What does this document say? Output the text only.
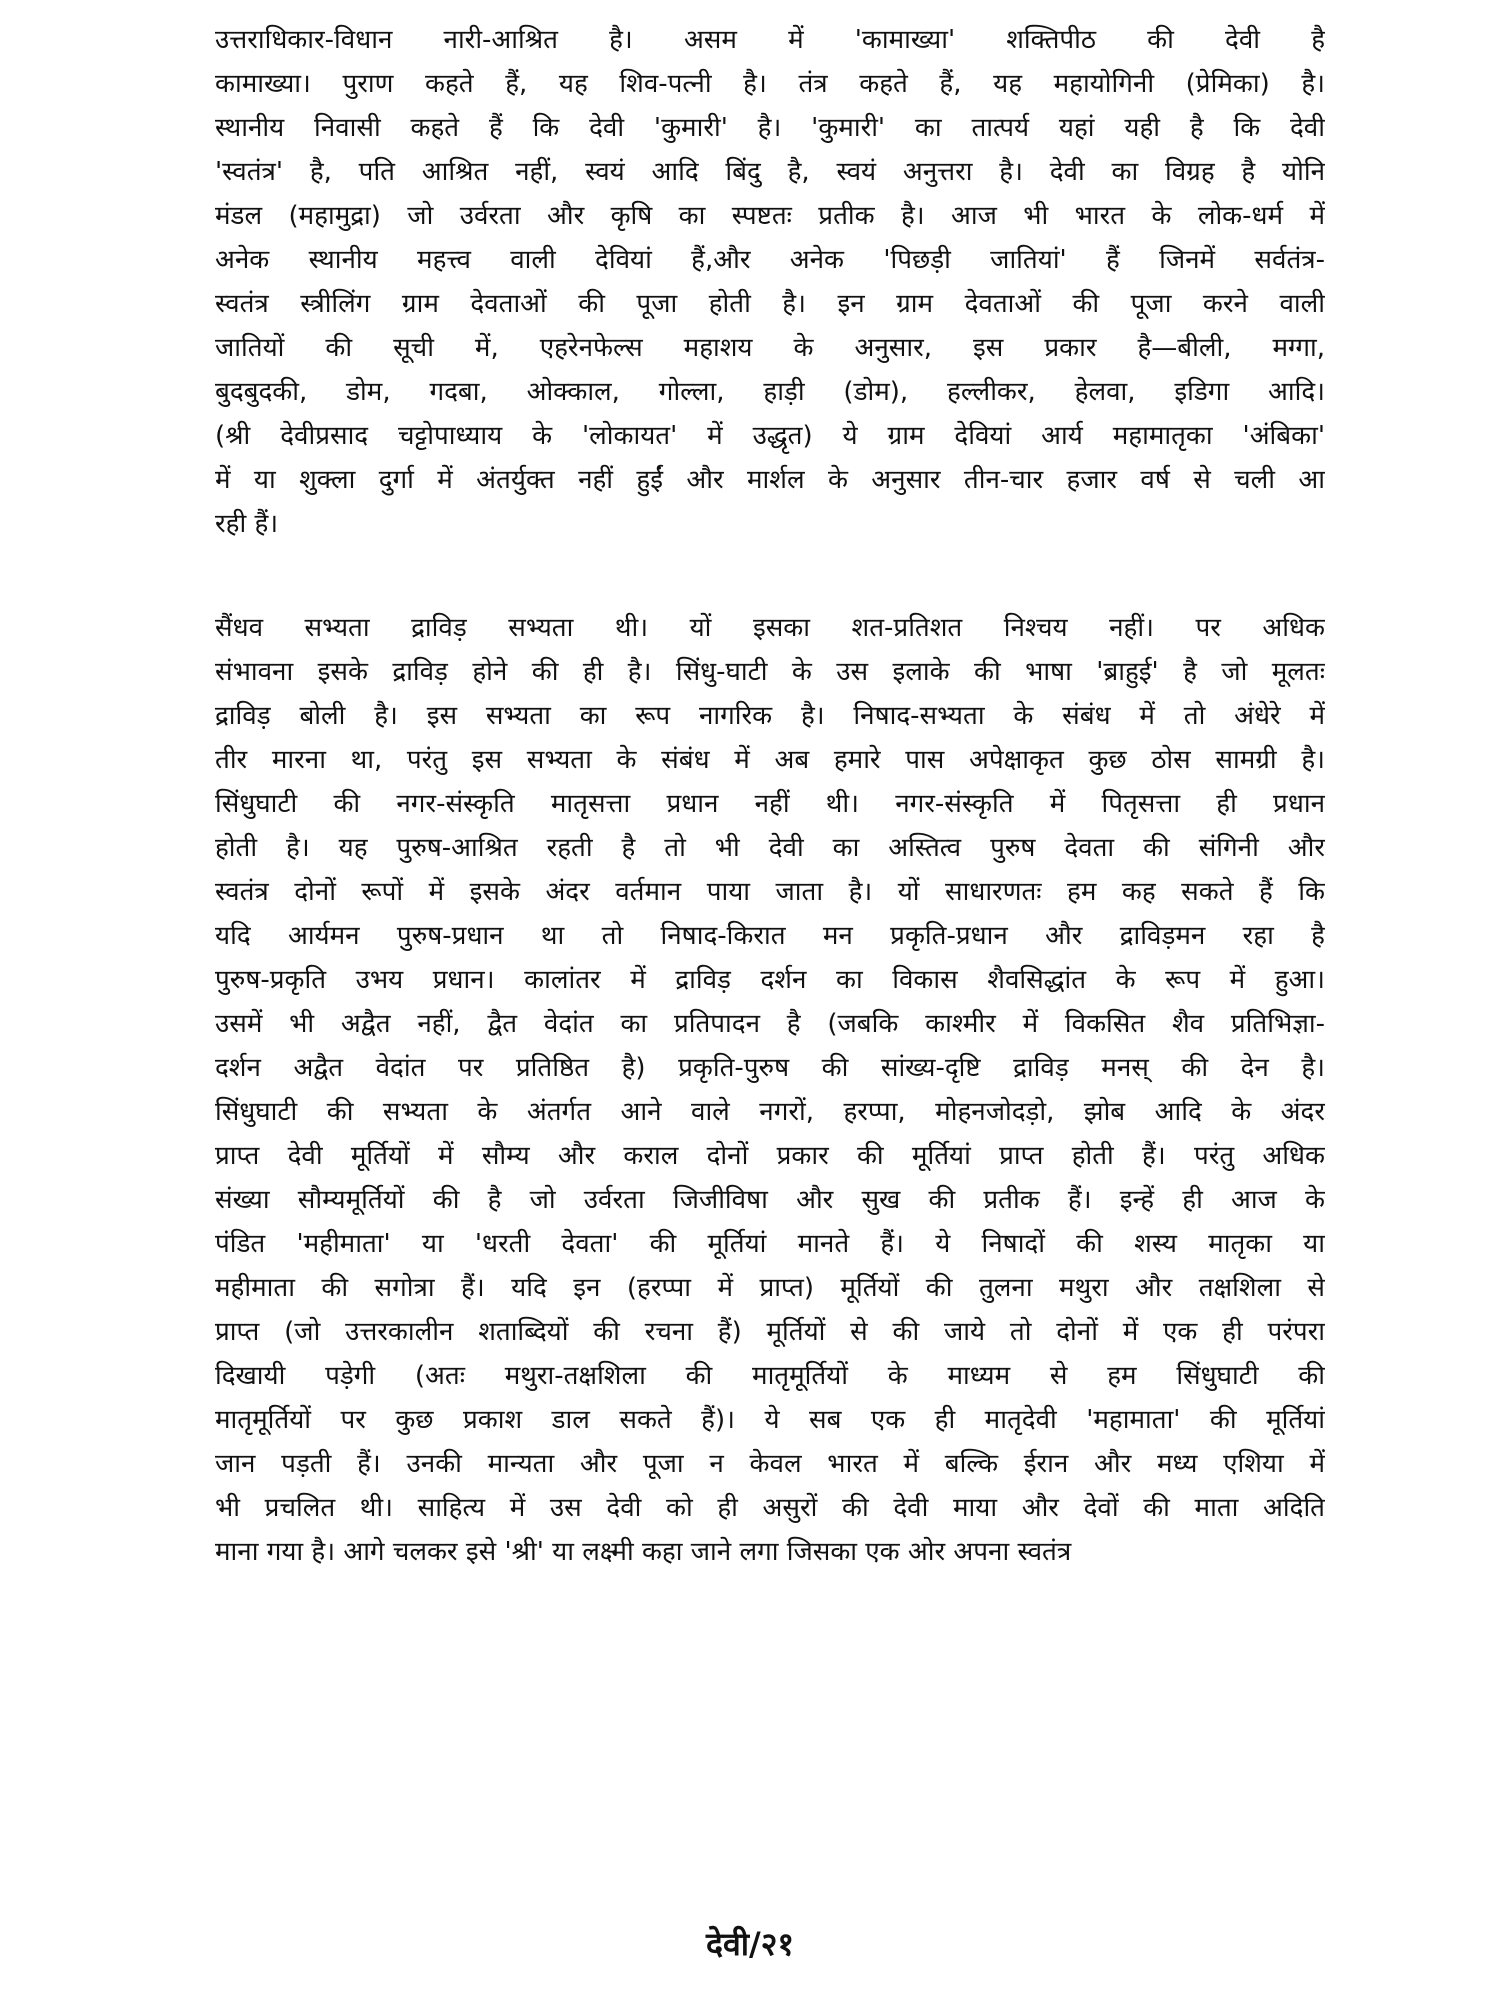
उत्तराधिकार-विधान नारी-आश्रित है। असम में 'कामाख्या' शक्तिपीठ की देवी है
कामाख्या। पुराण कहते हैं, यह शिव-पत्नी है। तंत्र कहते हैं, यह महायोगिनी (प्रेमिका) है।
स्थानीय निवासी कहते हैं कि देवी 'कुमारी' है। 'कुमारी' का तात्पर्य यहां यही है कि देवी
'स्वतंत्र' है, पति आश्रित नहीं, स्वयं आदि बिंदु है, स्वयं अनुत्तरा है। देवी का विग्रह है योनि
मंडल (महामुद्रा) जो उर्वरता और कृषि का स्पष्टतः प्रतीक है। आज भी भारत के लोक-धर्म में
अनेक स्थानीय महत्त्व वाली देवियां हैं,और अनेक 'पिछड़ी जातियां' हैं जिनमें सर्वतंत्र-
स्वतंत्र स्त्रीलिंग ग्राम देवताओं की पूजा होती है। इन ग्राम देवताओं की पूजा करने वाली
जातियों की सूची में, एहरेनफेल्स महाशय के अनुसार, इस प्रकार है—बीली, मग्गा,
बुदबुदकी, डोम, गदबा, ओक्काल, गोल्ला, हाड़ी (डोम), हल्लीकर, हेलवा, इडिगा आदि।
(श्री देवीप्रसाद चट्टोपाध्याय के 'लोकायत' में उद्धृत) ये ग्राम देवियां आर्य महामातृका 'अंबिका'
में या शुक्ला दुर्गा में अंतर्युक्त नहीं हुईं और मार्शल के अनुसार तीन-चार हजार वर्ष से चली आ
रही हैं।
सैंधव सभ्यता द्राविड़ सभ्यता थी। यों इसका शत-प्रतिशत निश्चय नहीं। पर अधिक
संभावना इसके द्राविड़ होने की ही है। सिंधु-घाटी के उस इलाके की भाषा 'ब्राहुई' है जो मूलतः
द्राविड़ बोली है। इस सभ्यता का रूप नागरिक है। निषाद-सभ्यता के संबंध में तो अंधेरे में
तीर मारना था, परंतु इस सभ्यता के संबंध में अब हमारे पास अपेक्षाकृत कुछ ठोस सामग्री है।
सिंधुघाटी की नगर-संस्कृति मातृसत्ता प्रधान नहीं थी। नगर-संस्कृति में पितृसत्ता ही प्रधान
होती है। यह पुरुष-आश्रित रहती है तो भी देवी का अस्तित्व पुरुष देवता की संगिनी और
स्वतंत्र दोनों रूपों में इसके अंदर वर्तमान पाया जाता है। यों साधारणतः हम कह सकते हैं कि
यदि आर्यमन पुरुष-प्रधान था तो निषाद-किरात मन प्रकृति-प्रधान और द्राविड़मन रहा है
पुरुष-प्रकृति उभय प्रधान। कालांतर में द्राविड़ दर्शन का विकास शैवसिद्धांत के रूप में हुआ।
उसमें भी अद्वैत नहीं, द्वैत वेदांत का प्रतिपादन है (जबकि काश्मीर में विकसित शैव प्रतिभिज्ञा-
दर्शन अद्वैत वेदांत पर प्रतिष्ठित है) प्रकृति-पुरुष की सांख्य-दृष्टि द्राविड़ मनस् की देन है।
सिंधुघाटी की सभ्यता के अंतर्गत आने वाले नगरों, हरप्पा, मोहनजोदड़ो, झोब आदि के अंदर
प्राप्त देवी मूर्तियों में सौम्य और कराल दोनों प्रकार की मूर्तियां प्राप्त होती हैं। परंतु अधिक
संख्या सौम्यमूर्तियों की है जो उर्वरता जिजीविषा और सुख की प्रतीक हैं। इन्हें ही आज के
पंडित 'महीमाता' या 'धरती देवता' की मूर्तियां मानते हैं। ये निषादों की शस्य मातृका या
महीमाता की सगोत्रा हैं। यदि इन (हरप्पा में प्राप्त) मूर्तियों की तुलना मथुरा और तक्षशिला से
प्राप्त (जो उत्तरकालीन शताब्दियों की रचना हैं) मूर्तियों से की जाये तो दोनों में एक ही परंपरा
दिखायी पड़ेगी (अतः मथुरा-तक्षशिला की मातृमूर्तियों के माध्यम से हम सिंधुघाटी की
मातृमूर्तियों पर कुछ प्रकाश डाल सकते हैं)। ये सब एक ही मातृदेवी 'महामाता' की मूर्तियां
जान पड़ती हैं। उनकी मान्यता और पूजा न केवल भारत में बल्कि ईरान और मध्य एशिया में
भी प्रचलित थी। साहित्य में उस देवी को ही असुरों की देवी माया और देवों की माता अदिति
माना गया है। आगे चलकर इसे 'श्री' या लक्ष्मी कहा जाने लगा जिसका एक ओर अपना स्वतंत्र
देवी/२१
